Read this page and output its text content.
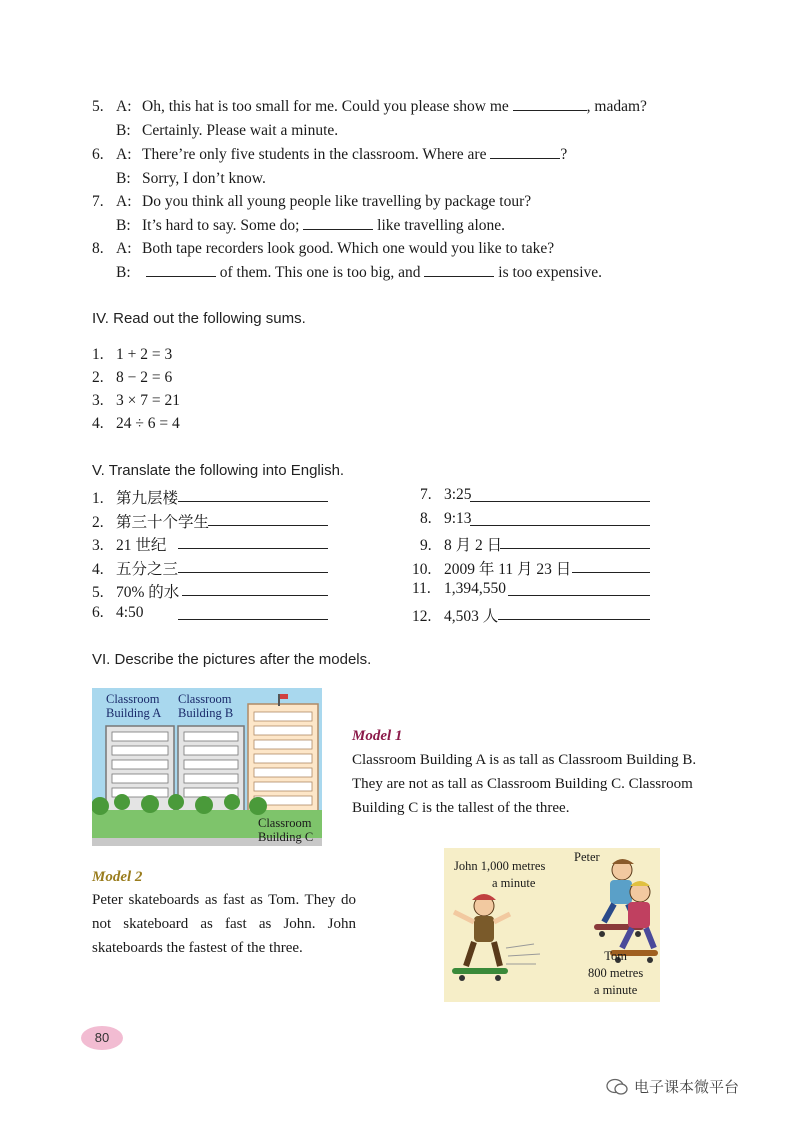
5. A: Oh, this hat is too small for me. Could you please show me	, madam?
B: Certainly. Please wait a minute.
6. A: There’re only five students in the classroom. Where are	?
B: Sorry, I don’t know.
7. A: Do you think all young people like travelling by package tour?
B: It’s hard to say. Some do;	like travelling alone.
8. A: Both tape recorders look good. Which one would you like to take?
B:	of them. This one is too big, and	is too expensive.
IV. Read out the following sums.
1. 1 + 2 = 3
2. 8 − 2 = 6
3. 3 × 7 = 21
4. 24 ÷ 6 = 4
V. Translate the following into English.
1. 第九层楼
2. 第三十个学生
3. 21 世纪
4. 五分之三
5. 70% 的水
6. 4:50
7. 3:25
8. 9:13
9. 8 月 2 日
10. 2009 年 11 月 23 日
11. 1,394,550
12. 4,503 人
VI. Describe the pictures after the models.
Classroom
Building A
Classroom
Building B
Classroom
Building C
Model 1
Classroom Building A is as tall as Classroom Building B.
They are not as tall as Classroom Building C. Classroom
Building C is the tallest of the three.
Model 2
Peter skateboards as fast as Tom. They do
not skateboard as fast as John. John
skateboards the fastest of the three.
John 1,000 metres
a minute
Peter
Tom
800 metres
a minute
80
电子课本微平台
